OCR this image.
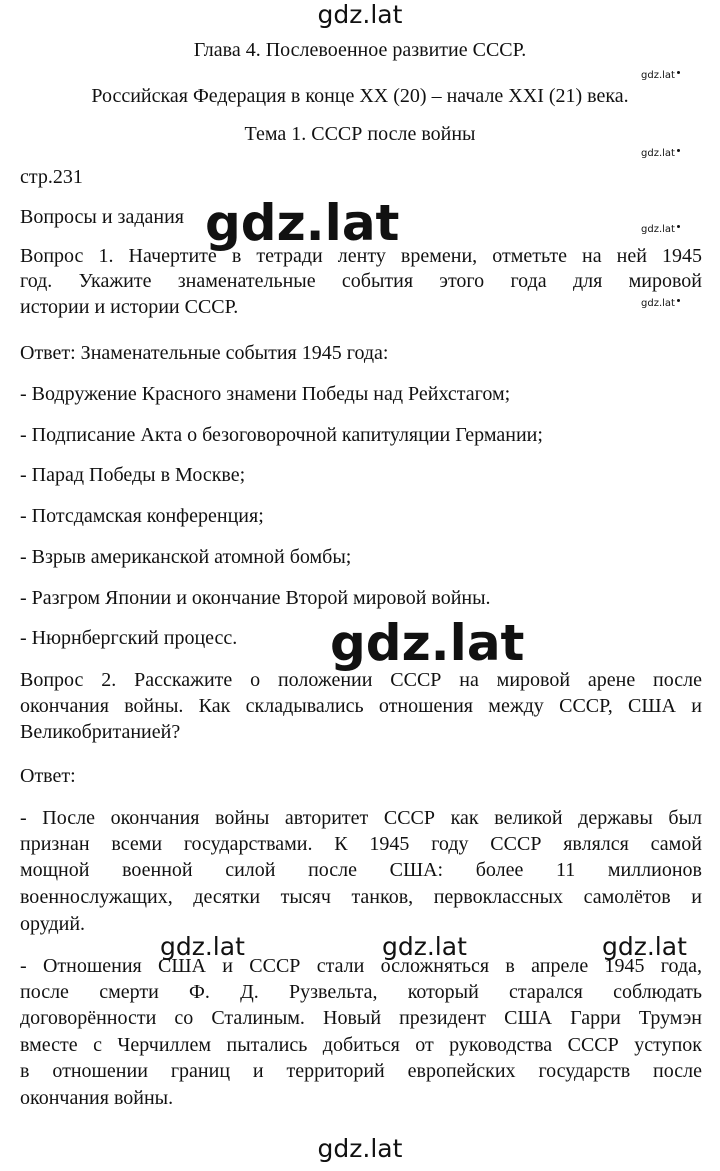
gdz.lat
Глава 4. Послевоенное развитие СССР.
Российская Федерация в конце XX (20) – начале XXI (21) века.
Тема 1. СССР после войны
gdz.lat
gdz.lat
gdz.lat
gdz.lat
стр.231
Вопросы и задания
Вопрос 1. Начертите в тетради ленту времени, отметьте на ней 1945
год. Укажите знаменательные события этого года для мировой
истории и истории СССР.
Ответ: Знаменательные события 1945 года:
- Водружение Красного знамени Победы над Рейхстагом;
- Подписание Акта о безоговорочной капитуляции Германии;
- Парад Победы в Москве;
- Потсдамская конференция;
- Взрыв американской атомной бомбы;
- Разгром Японии и окончание Второй мировой войны.
- Нюрнбергский процесс.
gdz.lat
gdz.lat
Вопрос 2. Расскажите о положении СССР на мировой арене после
окончания войны. Как складывались отношения между СССР, США и
Великобританией?
Ответ:
- После окончания войны авторитет СССР как великой державы был
признан всеми государствами. К 1945 году СССР являлся самой
мощной военной силой после США: более 11 миллионов
военнослужащих, десятки тысяч танков, первоклассных самолётов и
орудий.
gdz.lat	gdz.lat	gdz.lat
- Отношения США и СССР стали осложняться в апреле 1945 года,
после смерти Ф. Д. Рузвельта, который старался соблюдать
договорённости со Сталиным. Новый президент США Гарри Трумэн
вместе с Черчиллем пытались добиться от руководства СССР уступок
в отношении границ и территорий европейских государств после
окончания войны.
gdz.lat
